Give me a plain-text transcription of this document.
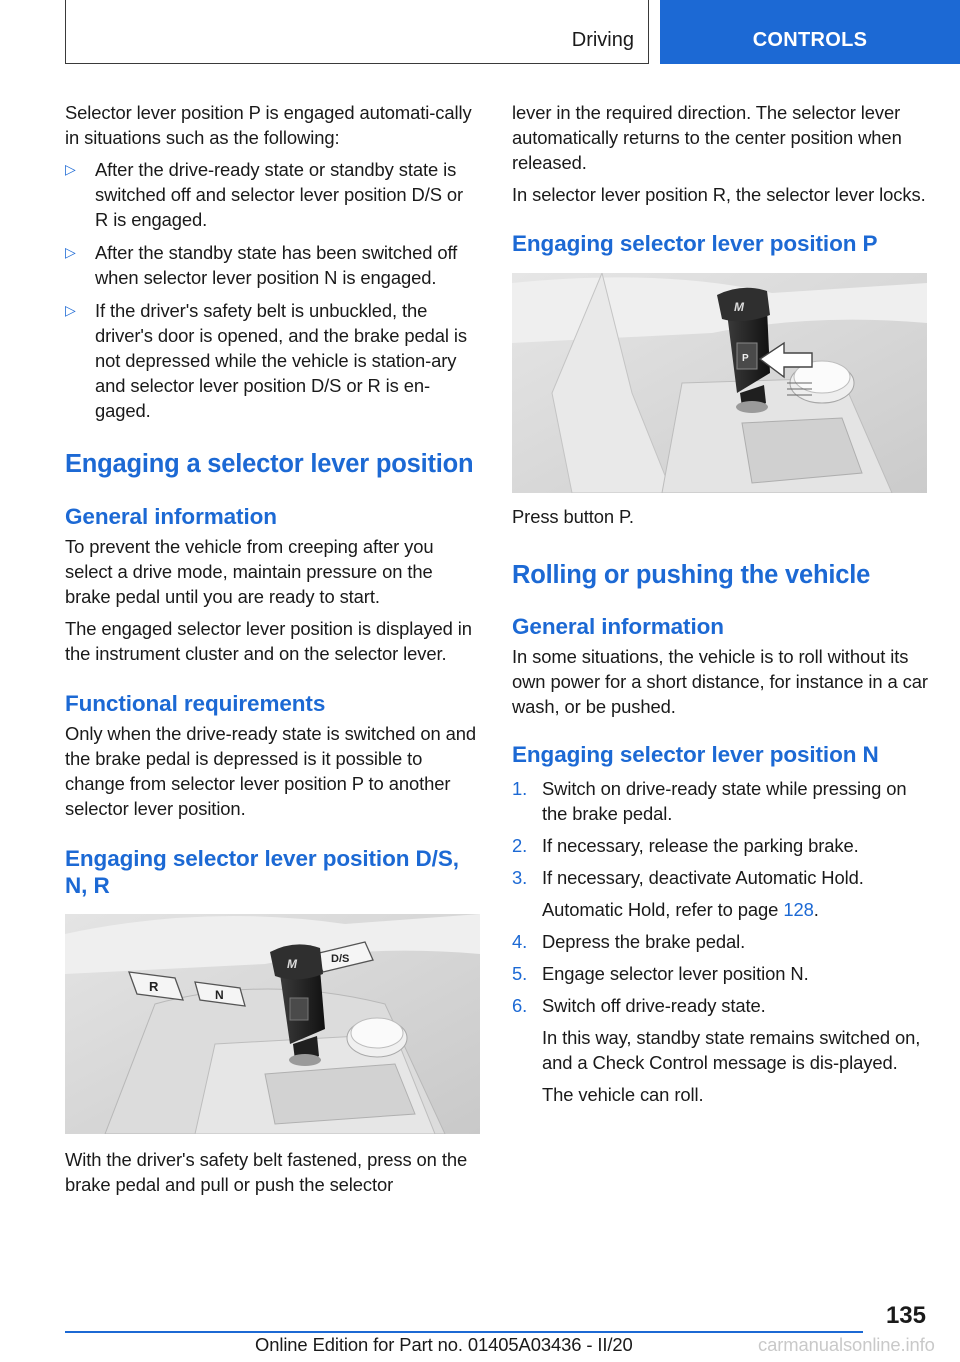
Driving	CONTROLS

Selector lever position P is engaged automati-cally in situations such as the following:

▷ After the drive-ready state or standby state is switched off and selector lever position D/S or R is engaged.
▷ After the standby state has been switched off when selector lever position N is engaged.
▷ If the driver's safety belt is unbuckled, the driver's door is opened, and the brake pedal is not depressed while the vehicle is station-ary and selector lever position D/S or R is en-gaged.
Engaging a selector lever position
General information

To prevent the vehicle from creeping after you select a drive mode, maintain pressure on the brake pedal until you are ready to start.

The engaged selector lever position is displayed in the instrument cluster and on the selector lever.

Functional requirements

Only when the drive-ready state is switched on and the brake pedal is depressed is it possible to change from selector lever position P to another selector lever position.

Engaging selector lever position D/S, N, R
R
N
D/S
M

With the driver's safety belt fastened, press on the brake pedal and pull or push the selector

lever in the required direction. The selector lever automatically returns to the center position when released.

In selector lever position R, the selector lever locks.

Engaging selector lever position P
M
P

Press button P.

Rolling or pushing the vehicle
General information

In some situations, the vehicle is to roll without its own power for a short distance, for instance in a car wash, or be pushed.

Engaging selector lever position N
1. Switch on drive-ready state while pressing on the brake pedal.
2. If necessary, release the parking brake.
3. If necessary, deactivate Automatic Hold.
Automatic Hold, refer to page 128.
4. Depress the brake pedal.
5. Engage selector lever position N.
6. Switch off drive-ready state.
In this way, standby state remains switched on, and a Check Control message is dis-played.
The vehicle can roll.
135
Online Edition for Part no. 01405A03436 - II/20	carmanualsonline.info
